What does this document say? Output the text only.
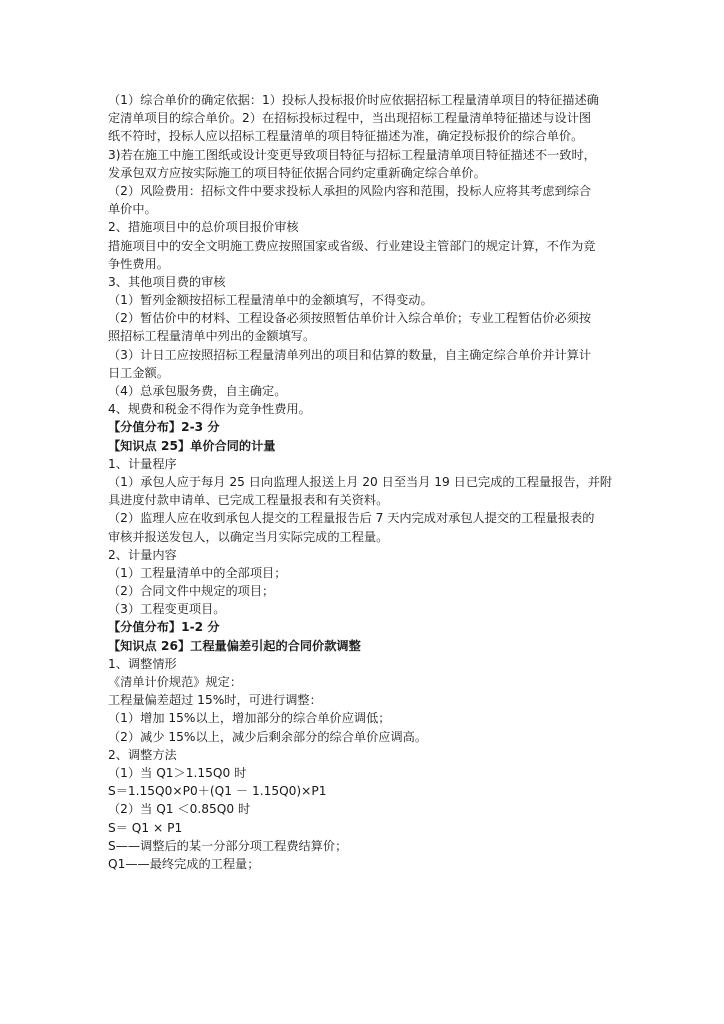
（1）综合单价的确定依据：1）投标人投标报价时应依据招标工程量清单项目的特征描述确
定清单项目的综合单价。2）在招标投标过程中，当出现招标工程量清单特征描述与设计图
纸不符时，投标人应以招标工程量清单的项目特征描述为准，确定投标报价的综合单价。
3)若在施工中施工图纸或设计变更导致项目特征与招标工程量清单项目特征描述不一致时，
发承包双方应按实际施工的项目特征依据合同约定重新确定综合单价。
（2）风险费用：招标文件中要求投标人承担的风险内容和范围，投标人应将其考虑到综合
单价中。
2、措施项目中的总价项目报价审核
措施项目中的安全文明施工费应按照国家或省级、行业建设主管部门的规定计算，不作为竞
争性费用。
3、其他项目费的审核
（1）暂列金额按招标工程量清单中的金额填写，不得变动。
（2）暂估价中的材料、工程设备必须按照暂估单价计入综合单价；专业工程暂估价必须按
照招标工程量清单中列出的金额填写。
（3）计日工应按照招标工程量清单列出的项目和估算的数量，自主确定综合单价并计算计
日工金额。
（4）总承包服务费，自主确定。
4、规费和税金不得作为竞争性费用。
【分值分布】2-3 分
【知识点 25】单价合同的计量
1、计量程序
（1）承包人应于每月 25 日向监理人报送上月 20 日至当月 19 日已完成的工程量报告，并附
具进度付款申请单、已完成工程量报表和有关资料。
（2）监理人应在收到承包人提交的工程量报告后 7 天内完成对承包人提交的工程量报表的
审核并报送发包人，以确定当月实际完成的工程量。
2、计量内容
（1）工程量清单中的全部项目；
（2）合同文件中规定的项目；
（3）工程变更项目。
【分值分布】1-2 分
【知识点 26】工程量偏差引起的合同价款调整
1、调整情形
《清单计价规范》规定：
工程量偏差超过 15%时，可进行调整：
（1）增加 15%以上，增加部分的综合单价应调低；
（2）减少 15%以上，减少后剩余部分的综合单价应调高。
2、调整方法
（1）当 Q1＞1.15Q0 时
S＝1.15Q0×P0＋(Q1 － 1.15Q0)×P1
（2）当 Q1 ＜0.85Q0 时
S＝ Q1 × P1
S——调整后的某一分部分项工程费结算价；
Q1——最终完成的工程量；
